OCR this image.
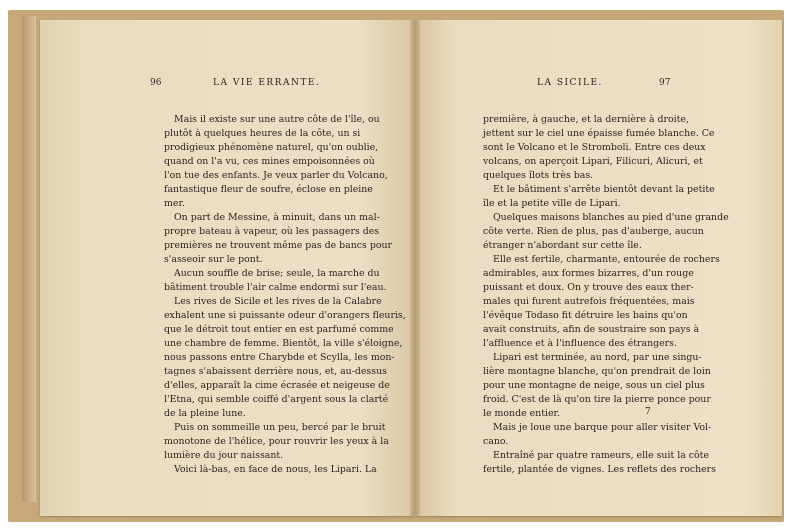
96	LA VIE ERRANTE.	LA SICILE.	97
Mais il existe sur une autre côte de l'île, ou
plutôt à quelques heures de la côte, un si
prodigieux phénomène naturel, qu'on oublie,
quand on l'a vu, ces mines empoisonnées où
l'on tue des enfants. Je veux parler du Volcano,
fantastique fleur de soufre, éclose en pleine
mer.
On part de Messine, à minuit, dans un mal-
propre bateau à vapeur, où les passagers des
premières ne trouvent même pas de bancs pour
s'asseoir sur le pont.
Aucun souffle de brise; seule, la marche du
bâtiment trouble l'air calme endormi sur l'eau.
Les rives de Sicile et les rives de la Calabre
exhalent une si puissante odeur d'orangers fleuris,
que le détroit tout entier en est parfumé comme
une chambre de femme. Bientôt, la ville s'éloigne,
nous passons entre Charybde et Scylla, les mon-
tagnes s'abaissent derrière nous, et, au-dessus
d'elles, apparaît la cime écrasée et neigeuse de
l'Etna, qui semble coiffé d'argent sous la clarté
de la pleine lune.
Puis on sommeille un peu, bercé par le bruit
monotone de l'hélice, pour rouvrir les yeux à la
lumière du jour naissant.
Voici là-bas, en face de nous, les Lipari. La
première, à gauche, et la dernière à droite,
jettent sur le ciel une épaisse fumée blanche. Ce
sont le Volcano et le Stromboli. Entre ces deux
volcans, on aperçoit Lipari, Filicuri, Alicuri, et
quelques îlots très bas.
Et le bâtiment s'arrête bientôt devant la petite
île et la petite ville de Lipari.
Quelques maisons blanches au pied d'une grande
côte verte. Rien de plus, pas d'auberge, aucun
étranger n'abordant sur cette île.
Elle est fertile, charmante, entourée de rochers
admirables, aux formes bizarres, d'un rouge
puissant et doux. On y trouve des eaux ther-
males qui furent autrefois fréquentées, mais
l'évêque Todaso fit détruire les bains qu'on
avait construits, afin de soustraire son pays à
l'affluence et à l'influence des étrangers.
Lipari est terminée, au nord, par une singu-
lière montagne blanche, qu'on prendrait de loin
pour une montagne de neige, sous un ciel plus
froid. C'est de là qu'on tire la pierre ponce pour
le monde entier.
Mais je loue une barque pour aller visiter Vol-
cano.
Entraîné par quatre rameurs, elle suit la côte
fertile, plantée de vignes. Les reflets des rochers
7
